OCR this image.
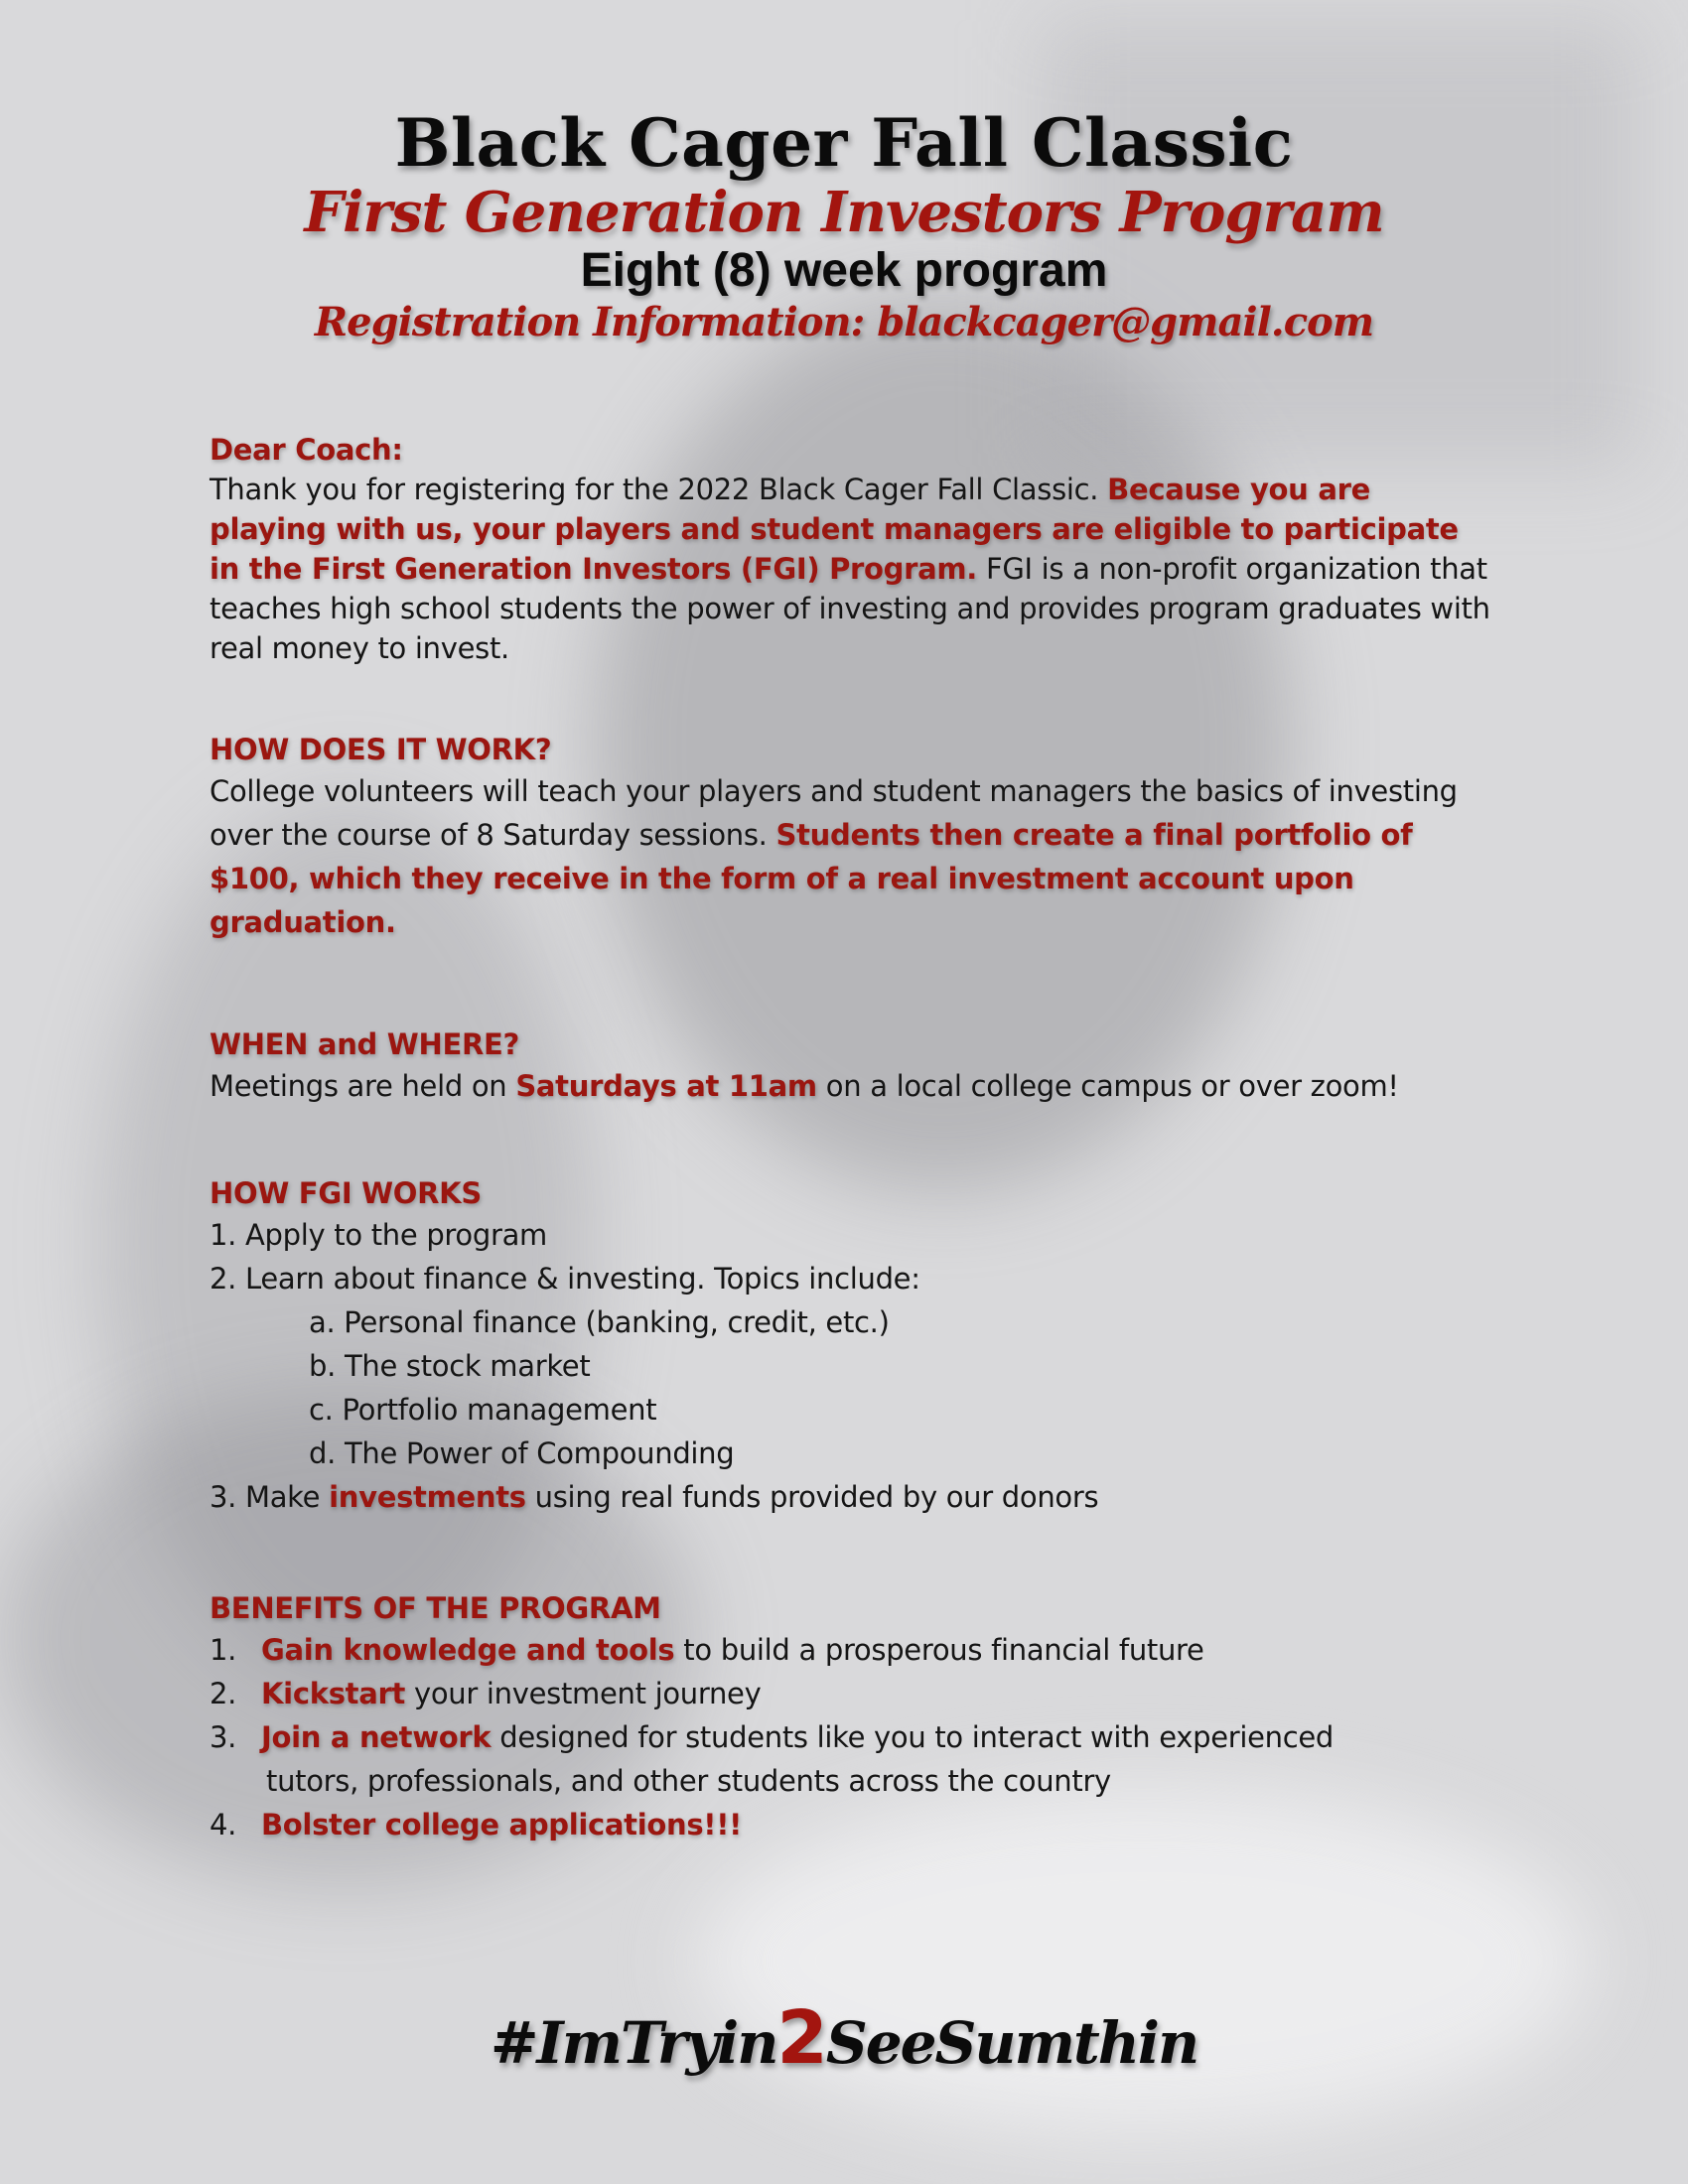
Black Cager Fall Classic
First Generation Investors Program
Eight (8) week program
Registration Information: blackcager@gmail.com
Dear Coach:
Thank you for registering for the 2022 Black Cager Fall Classic. Because you are playing with us, your players and student managers are eligible to participate in the First Generation Investors (FGI) Program. FGI is a non-profit organization that teaches high school students the power of investing and provides program graduates with real money to invest.
HOW DOES IT WORK?
College volunteers will teach your players and student managers the basics of investing over the course of 8 Saturday sessions. Students then create a final portfolio of $100, which they receive in the form of a real investment account upon graduation.
WHEN and WHERE?
Meetings are held on Saturdays at 11am on a local college campus or over zoom!
HOW FGI WORKS
1. Apply to the program
2. Learn about finance & investing. Topics include:
a. Personal finance (banking, credit, etc.)
b. The stock market
c. Portfolio management
d. The Power of Compounding
3. Make investments using real funds provided by our donors
BENEFITS OF THE PROGRAM
1. Gain knowledge and tools to build a prosperous financial future
2. Kickstart your investment journey
3. Join a network designed for students like you to interact with experienced
tutors, professionals, and other students across the country
4. Bolster college applications!!!
#ImTryin2SeeSumthin
